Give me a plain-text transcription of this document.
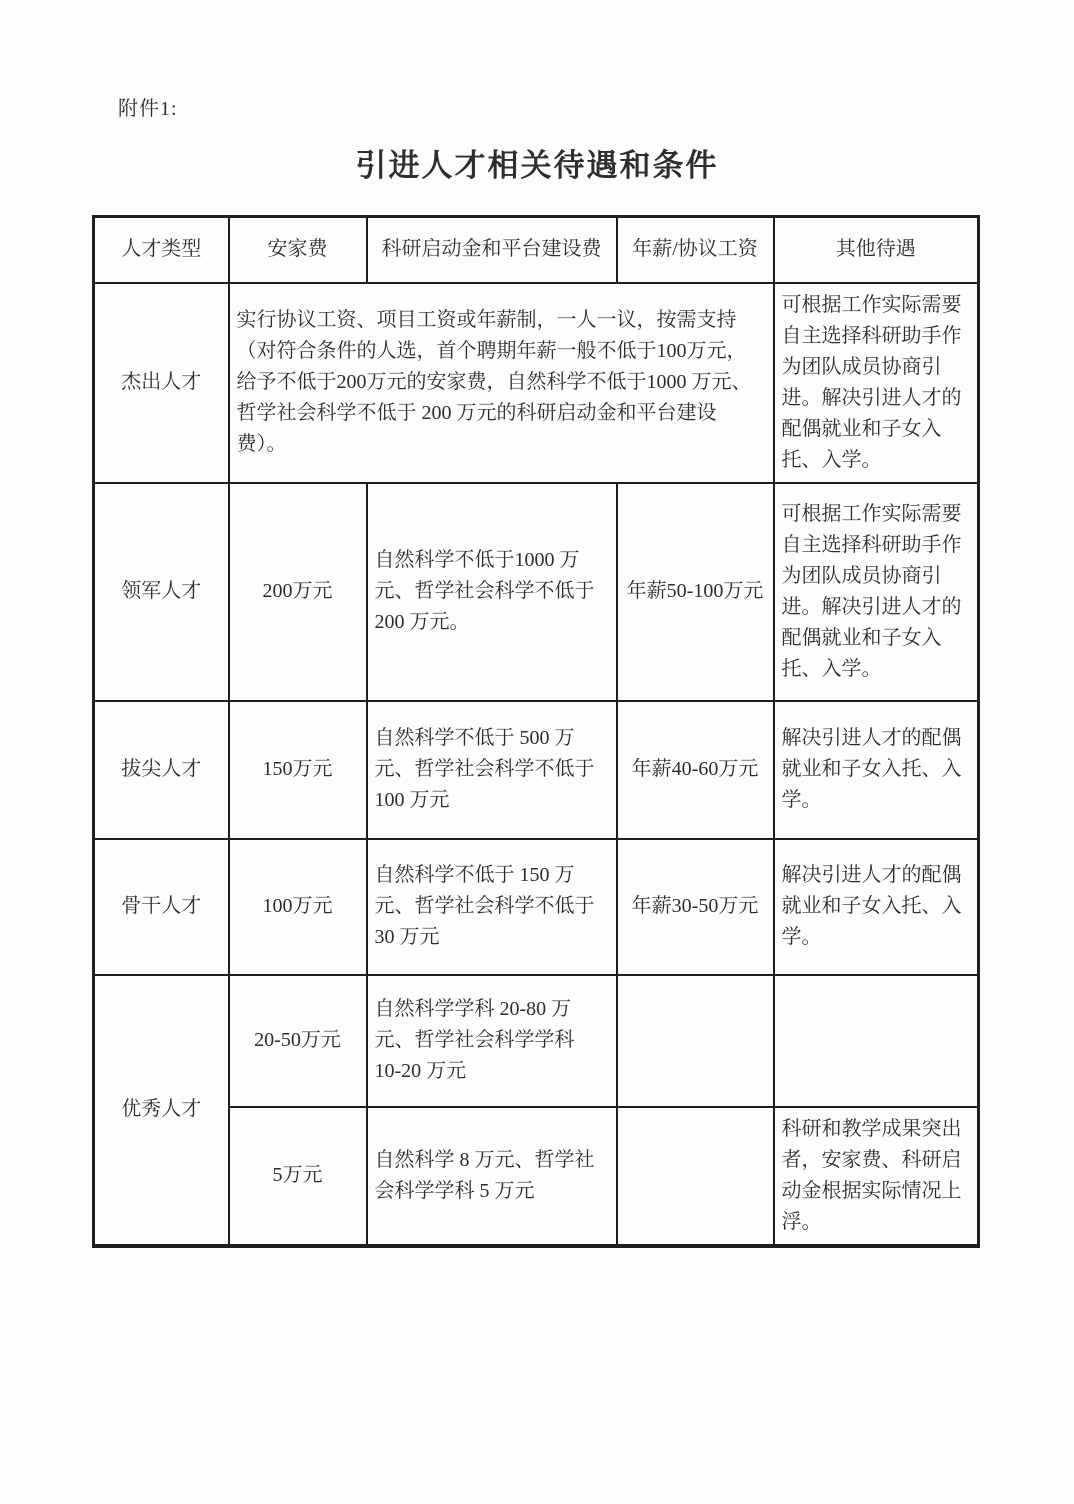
附件1:
引进人才相关待遇和条件
人才类型	安家费	科研启动金和平台建设费	年薪/协议工资	其他待遇
杰出人才	实行协议工资、项目工资或年薪制，一人一议，按需支持（对符合条件的人选，首个聘期年薪一般不低于100万元，给予不低于200万元的安家费，自然科学不低于1000 万元、哲学社会科学不低于 200 万元的科研启动金和平台建设费）。			可根据工作实际需要自主选择科研助手作为团队成员协商引进。解决引进人才的配偶就业和子女入托、入学。
领军人才	200万元	自然科学不低于1000 万元、哲学社会科学不低于 200 万元。	年薪50-100万元	可根据工作实际需要自主选择科研助手作为团队成员协商引进。解决引进人才的配偶就业和子女入托、入学。
拔尖人才	150万元	自然科学不低于 500 万元、哲学社会科学不低于 100 万元	年薪40-60万元	解决引进人才的配偶就业和子女入托、入学。
骨干人才	100万元	自然科学不低于 150 万元、哲学社会科学不低于 30 万元	年薪30-50万元	解决引进人才的配偶就业和子女入托、入学。
优秀人才	20-50万元	自然科学学科 20-80 万元、哲学社会科学学科 10-20 万元		
	5万元	自然科学 8 万元、哲学社会科学学科 5 万元		科研和教学成果突出者，安家费、科研启动金根据实际情况上浮。
